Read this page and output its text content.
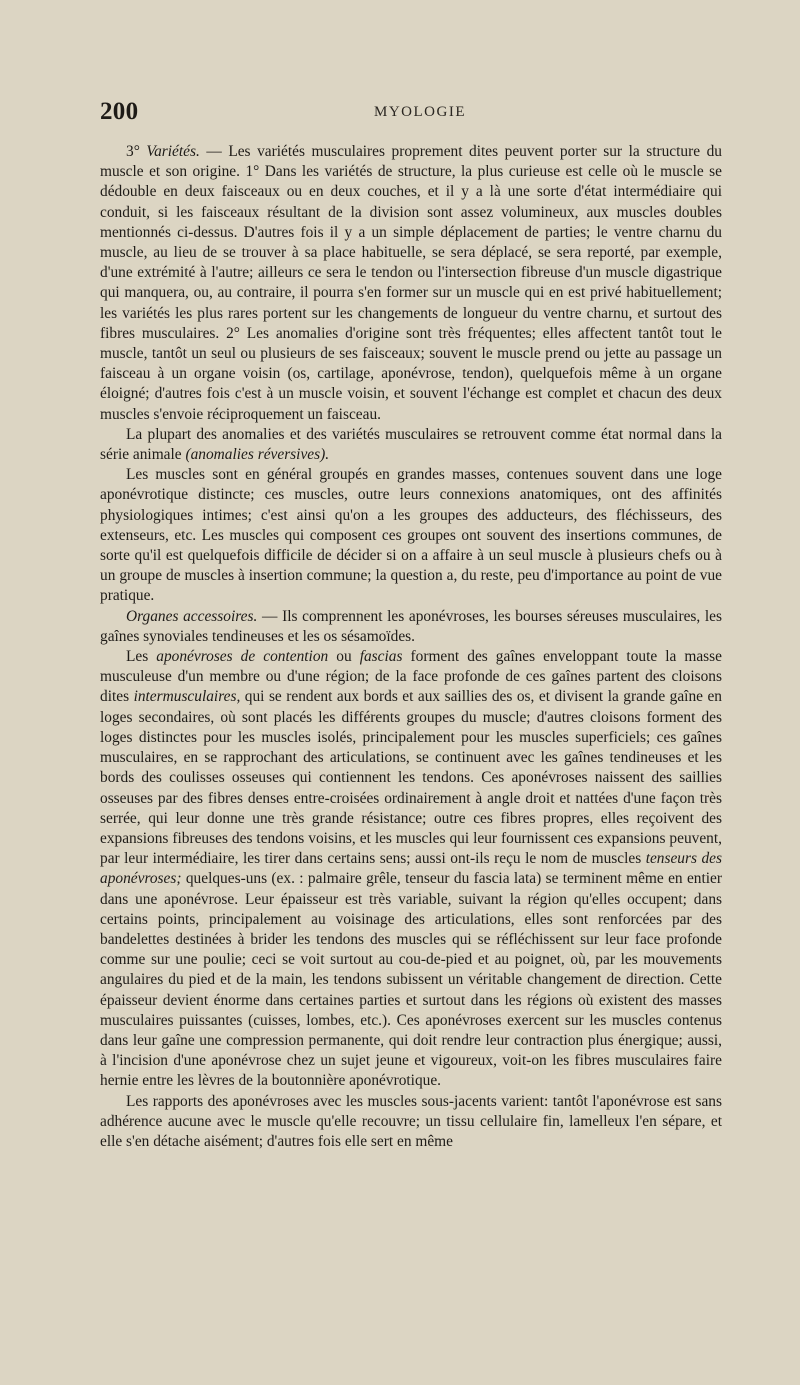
200	MYOLOGIE

3° Variétés. — Les variétés musculaires proprement dites peuvent porter sur la structure du muscle et son origine. 1° Dans les variétés de structure, la plus curieuse est celle où le muscle se dédouble en deux faisceaux ou en deux couches, et il y a là une sorte d'état intermédiaire qui conduit, si les faisceaux résultant de la division sont assez volumineux, aux muscles doubles mentionnés ci-dessus. D'autres fois il y a un simple déplacement de parties; le ventre charnu du muscle, au lieu de se trouver à sa place habituelle, se sera déplacé, se sera reporté, par exemple, d'une extrémité à l'autre; ailleurs ce sera le tendon ou l'intersection fibreuse d'un muscle digastrique qui manquera, ou, au contraire, il pourra s'en former sur un muscle qui en est privé habituellement; les variétés les plus rares portent sur les changements de longueur du ventre charnu, et surtout des fibres musculaires. 2° Les anomalies d'origine sont très fréquentes; elles affectent tantôt tout le muscle, tantôt un seul ou plusieurs de ses faisceaux; souvent le muscle prend ou jette au passage un faisceau à un organe voisin (os, cartilage, aponévrose, tendon), quelquefois même à un organe éloigné; d'autres fois c'est à un muscle voisin, et souvent l'échange est complet et chacun des deux muscles s'envoie réciproquement un faisceau.

La plupart des anomalies et des variétés musculaires se retrouvent comme état normal dans la série animale (anomalies réversives).

Les muscles sont en général groupés en grandes masses, contenues souvent dans une loge aponévrotique distincte; ces muscles, outre leurs connexions anatomiques, ont des affinités physiologiques intimes; c'est ainsi qu'on a les groupes des adducteurs, des fléchisseurs, des extenseurs, etc. Les muscles qui composent ces groupes ont souvent des insertions communes, de sorte qu'il est quelquefois difficile de décider si on a affaire à un seul muscle à plusieurs chefs ou à un groupe de muscles à insertion commune; la question a, du reste, peu d'importance au point de vue pratique.

Organes accessoires. — Ils comprennent les aponévroses, les bourses séreuses musculaires, les gaînes synoviales tendineuses et les os sésamoïdes.

Les aponévroses de contention ou fascias forment des gaînes enveloppant toute la masse musculeuse d'un membre ou d'une région; de la face profonde de ces gaînes partent des cloisons dites intermusculaires, qui se rendent aux bords et aux saillies des os, et divisent la grande gaîne en loges secondaires, où sont placés les différents groupes du muscle; d'autres cloisons forment des loges distinctes pour les muscles isolés, principalement pour les muscles superficiels; ces gaînes musculaires, en se rapprochant des articulations, se continuent avec les gaînes tendineuses et les bords des coulisses osseuses qui contiennent les tendons. Ces aponévroses naissent des saillies osseuses par des fibres denses entre-croisées ordinairement à angle droit et nattées d'une façon très serrée, qui leur donne une très grande résistance; outre ces fibres propres, elles reçoivent des expansions fibreuses des tendons voisins, et les muscles qui leur fournissent ces expansions peuvent, par leur intermédiaire, les tirer dans certains sens; aussi ont-ils reçu le nom de muscles tenseurs des aponévroses; quelques-uns (ex. : palmaire grêle, tenseur du fascia lata) se terminent même en entier dans une aponévrose. Leur épaisseur est très variable, suivant la région qu'elles occupent; dans certains points, principalement au voisinage des articulations, elles sont renforcées par des bandelettes destinées à brider les tendons des muscles qui se réfléchissent sur leur face profonde comme sur une poulie; ceci se voit surtout au cou-de-pied et au poignet, où, par les mouvements angulaires du pied et de la main, les tendons subissent un véritable changement de direction. Cette épaisseur devient énorme dans certaines parties et surtout dans les régions où existent des masses musculaires puissantes (cuisses, lombes, etc.). Ces aponévroses exercent sur les muscles contenus dans leur gaîne une compression permanente, qui doit rendre leur contraction plus énergique; aussi, à l'incision d'une aponévrose chez un sujet jeune et vigoureux, voit-on les fibres musculaires faire hernie entre les lèvres de la boutonnière aponévrotique.

Les rapports des aponévroses avec les muscles sous-jacents varient: tantôt l'aponévrose est sans adhérence aucune avec le muscle qu'elle recouvre; un tissu cellulaire fin, lamelleux l'en sépare, et elle s'en détache aisément; d'autres fois elle sert en même
